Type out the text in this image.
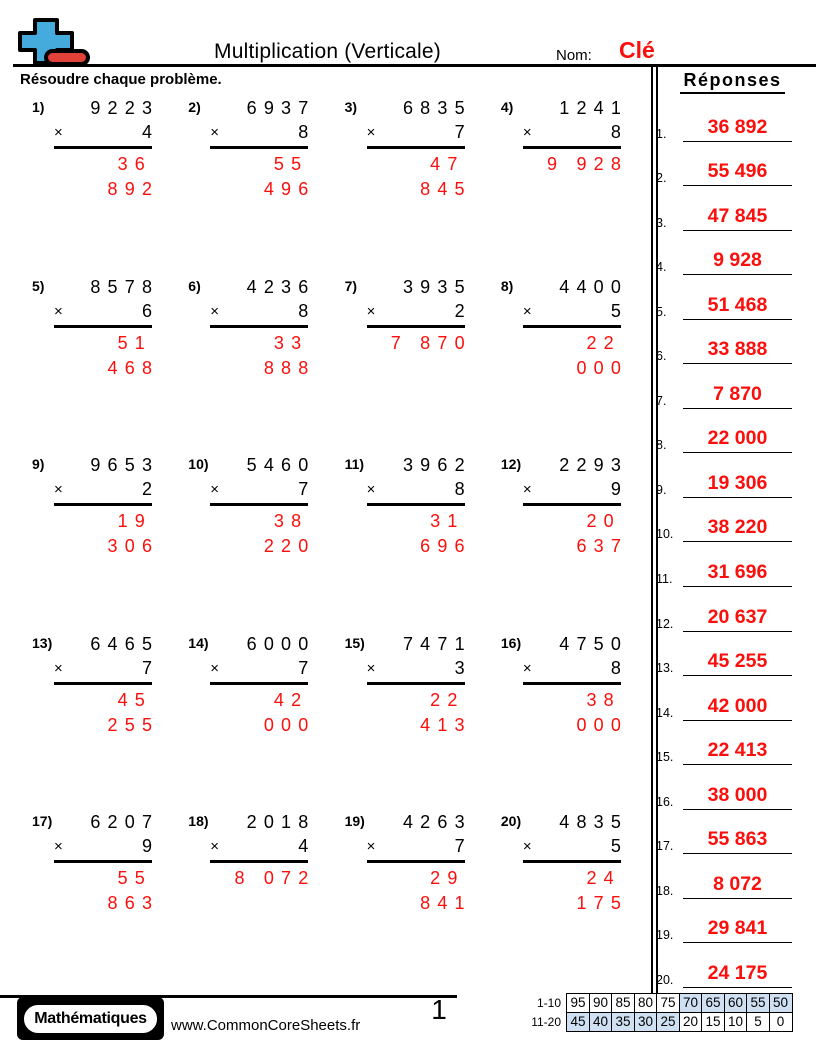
Multiplication (Verticale)	Nom: Clé
Résoudre chaque problème.
1)	9223
×	4
36 892
2)	6937
×	8
55 496
3)	6835
×	7
47 845
4)	1241
×	8
9 928
5)	8578
×	6
51 468
6)	4236
×	8
33 888
7)	3935
×	2
7 870
8)	4400
×	5
22 000
9)	9653
×	2
19 306
10)	5460
×	7
38 220
11)	3962
×	8
31 696
12)	2293
×	9
20 637
13)	6465
×	7
45 255
14)	6000
×	7
42 000
15)	7471
×	3
22 413
16)	4750
×	8
38 000
17)	6207
×	9
55 863
18)	2018
×	4
8 072
19)	4263
×	7
29 841
20)	4835
×	5
24 175
Réponses
1.	36 892
2.	55 496
3.	47 845
4.	9 928
5.	51 468
6.	33 888
7.	7 870
8.	22 000
9.	19 306
10.	38 220
11.	31 696
12.	20 637
13.	45 255
14.	42 000
15.	22 413
16.	38 000
17.	55 863
18.	8 072
19.	29 841
20.	24 175
Mathématiques	www.CommonCoreSheets.fr
1	1-10 95 90 85 80 75 70 65 60 55 50
11-20 45 40 35 30 25 20 15 10 5	0
